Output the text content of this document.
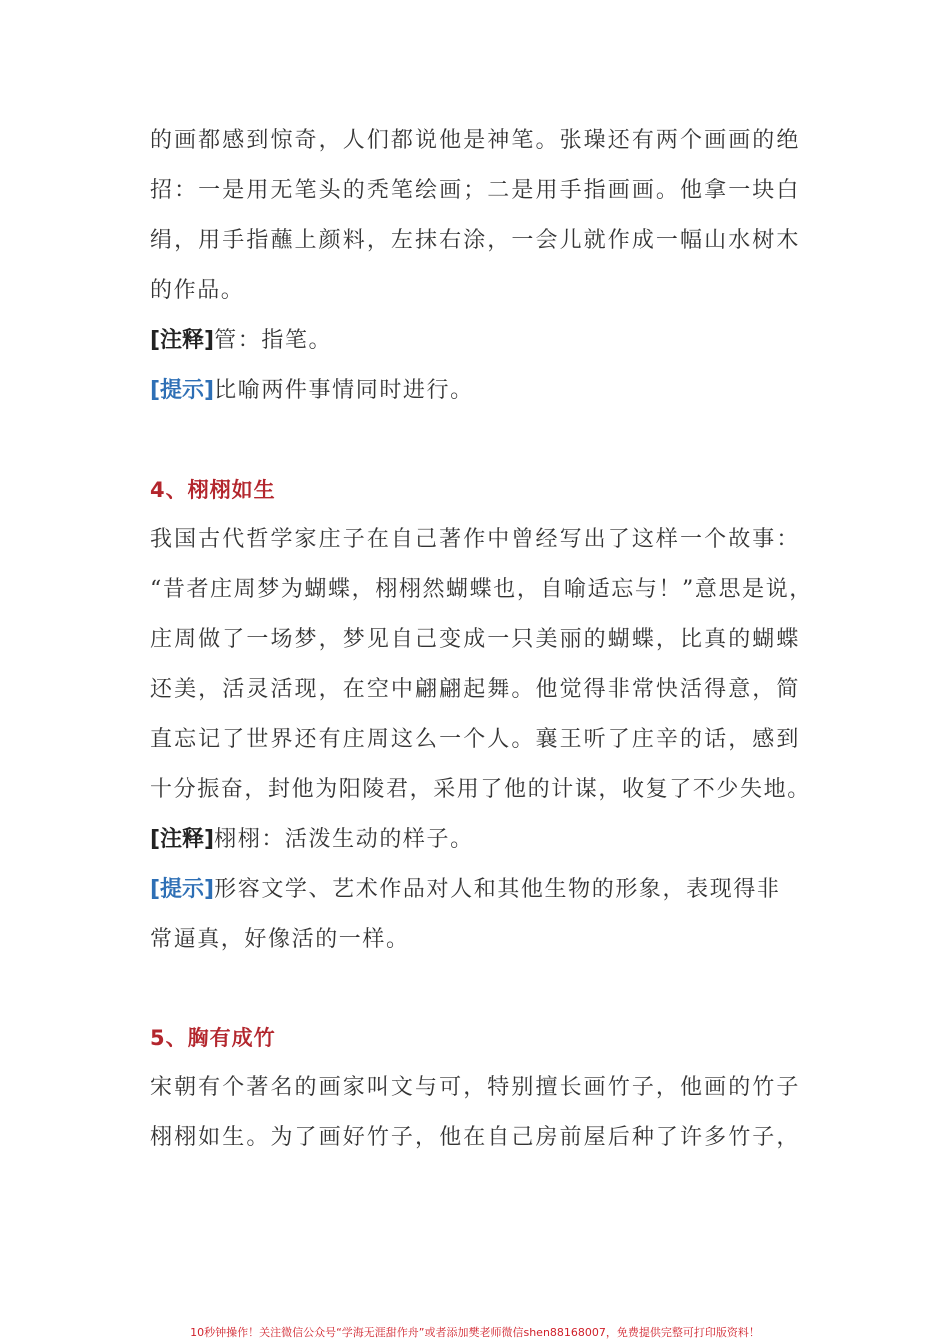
的画都感到惊奇，人们都说他是神笔。张璪还有两个画画的绝
招：一是用无笔头的秃笔绘画；二是用手指画画。他拿一块白
绢，用手指蘸上颜料，左抹右涂，一会儿就作成一幅山水树木
的作品。
[注释]管：指笔。
[提示]比喻两件事情同时进行。
4、栩栩如生
我国古代哲学家庄子在自己著作中曾经写出了这样一个故事：
“昔者庄周梦为蝴蝶，栩栩然蝴蝶也，自喻适忘与！”意思是说，
庄周做了一场梦，梦见自己变成一只美丽的蝴蝶，比真的蝴蝶
还美，活灵活现，在空中翩翩起舞。他觉得非常快活得意，简
直忘记了世界还有庄周这么一个人。襄王听了庄辛的话，感到
十分振奋，封他为阳陵君，采用了他的计谋，收复了不少失地。
[注释]栩栩：活泼生动的样子。
[提示]形容文学、艺术作品对人和其他生物的形象，表现得非
常逼真，好像活的一样。
5、胸有成竹
宋朝有个著名的画家叫文与可，特别擅长画竹子，他画的竹子
栩栩如生。为了画好竹子，他在自己房前屋后种了许多竹子，
10秒钟操作！关注微信公众号“学海无涯甜作舟”或者添加樊老师微信shen88168007，免费提供完整可打印版资料！
